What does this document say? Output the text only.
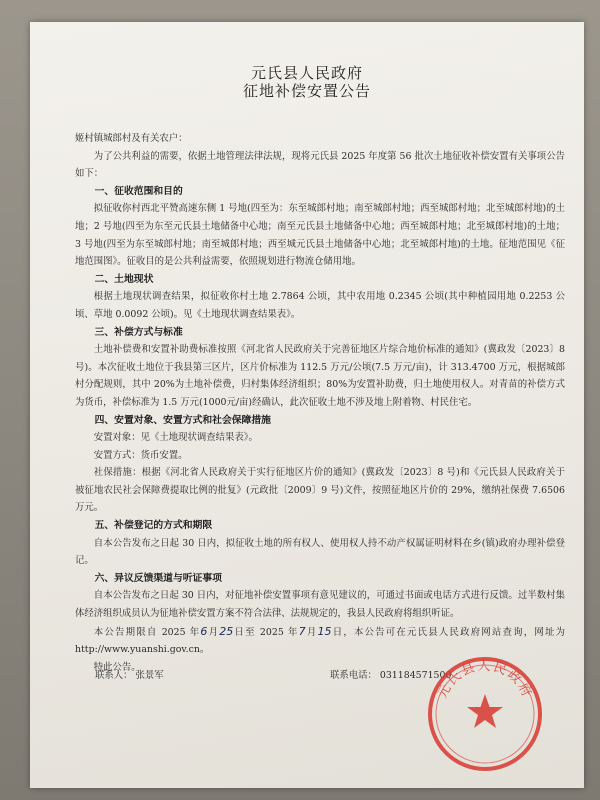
元氏县人民政府
征地补偿安置公告

姬村镇城郎村及有关农户：

为了公共利益的需要，依据土地管理法律法规，现将元氏县 2025 年度第 56 批次土地征收补偿安置有关事项公告如下：

一、征收范围和目的

拟征收你村西北平赞高速东侧 1 号地(四至为：东至城郎村地；南至城郎村地；西至城郎村地；北至城郎村地)的土地；2 号地(四至为东至元氏县土地储备中心地；南至元氏县土地储备中心地；西至城郎村地；北至城郎村地)的土地；3 号地(四至为东至城郎村地；南至城郎村地；西至城元氏县土地储备中心地；北至城郎村地)的土地。征地范围见《征地范围图》。征收目的是公共利益需要，依照规划进行物流仓储用地。

二、土地现状

根据土地现状调查结果，拟征收你村土地 2.7864 公顷，其中农用地 0.2345 公顷(其中种植园用地 0.2253 公顷、草地 0.0092 公顷)。见《土地现状调查结果表》。

三、补偿方式与标准

土地补偿费和安置补助费标准按照《河北省人民政府关于完善征地区片综合地价标准的通知》(冀政发〔2023〕8 号)。本次征收土地位于我县第三区片，区片价标准为 112.5 万元/公顷(7.5 万元/亩)，计 313.4700 万元，根据城郎村分配规则，其中 20%为土地补偿费，归村集体经济组织；80%为安置补助费，归土地使用权人。对青苗的补偿方式为货币，补偿标准为 1.5 万元(1000元/亩)经确认，此次征收土地不涉及地上附着物、村民住宅。

四、安置对象、安置方式和社会保障措施

安置对象：见《土地现状调查结果表》。

安置方式：货币安置。

社保措施：根据《河北省人民政府关于实行征地区片价的通知》(冀政发〔2023〕8 号)和《元氏县人民政府关于被征地农民社会保障费提取比例的批复》(元政批〔2009〕9 号)文件，按照征地区片价的 29%，缴纳社保费 7.6506 万元。

五、补偿登记的方式和期限

自本公告发布之日起 30 日内，拟征收土地的所有权人、使用权人持不动产权属证明材料在乡(镇)政府办理补偿登记。

六、异议反馈渠道与听证事项

自本公告发布之日起 30 日内，对征地补偿安置事项有意见建议的，可通过书面或电话方式进行反馈。过半数村集体经济组织成员认为征地补偿安置方案不符合法律、法规规定的，我县人民政府将组织听证。

本公告期限自 2025 年6月25日至 2025 年7月15日，本公告可在元氏县人民政府网站查询，网址为 http://www.yuanshi.gov.cn。

特此公告。

联系人： 张景军	联系电话： 031184571500
元氏县人民政府
